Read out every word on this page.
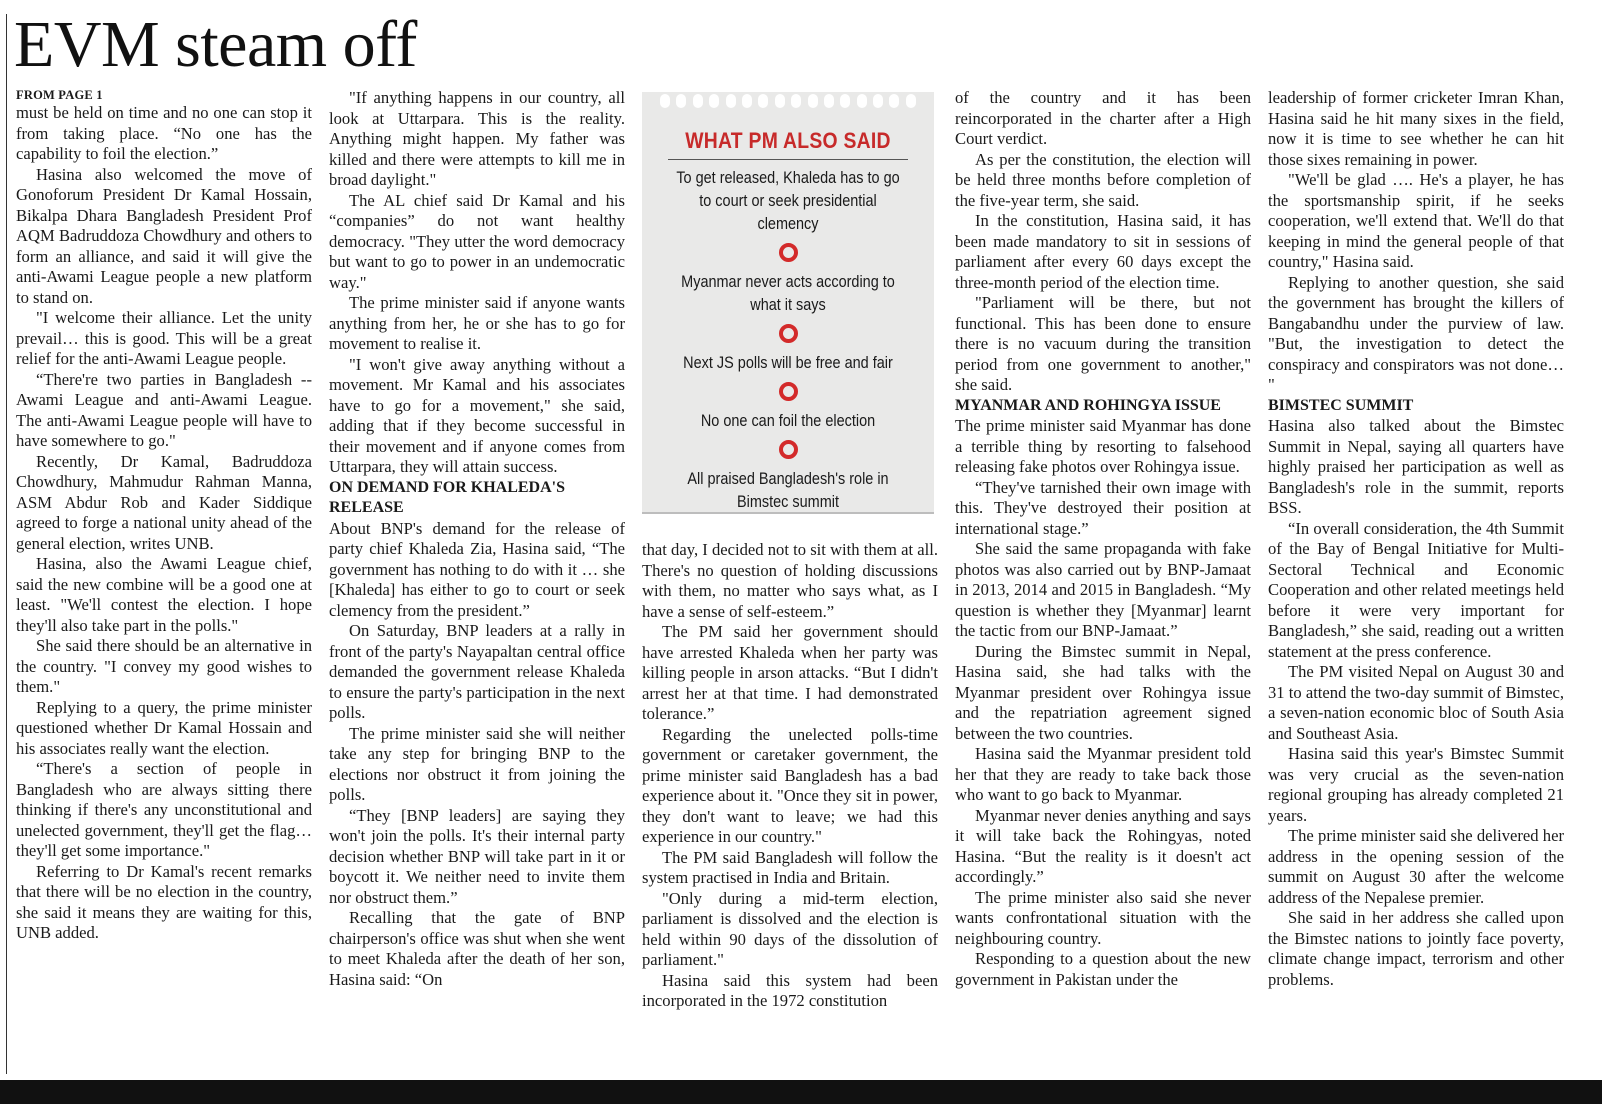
EVM steam off

FROM PAGE 1

must be held on time and no one can stop it from taking place. “No one has the capability to foil the election.”

Hasina also welcomed the move of Gonoforum President Dr Kamal Hossain, Bikalpa Dhara Bangladesh President Prof AQM Badruddoza Chowdhury and others to form an alliance, and said it will give the anti-Awami League people a new platform to stand on.

"I welcome their alliance. Let the unity prevail… this is good. This will be a great relief for the anti-Awami League people.

“There're two parties in Bangladesh -- Awami League and anti-Awami League. The anti-Awami League people will have to have somewhere to go."

Recently, Dr Kamal, Badruddoza Chowdhury, Mahmudur Rahman Manna, ASM Abdur Rob and Kader Siddique agreed to forge a national unity ahead of the general election, writes UNB.

Hasina, also the Awami League chief, said the new combine will be a good one at least. "We'll contest the election. I hope they'll also take part in the polls."

She said there should be an alternative in the country. "I convey my good wishes to them."

Replying to a query, the prime minister questioned whether Dr Kamal Hossain and his associates really want the election.

“There's a section of people in Bangladesh who are always sitting there thinking if there's any unconstitutional and unelected government, they'll get the flag… they'll get some importance."

Referring to Dr Kamal's recent remarks that there will be no election in the country, she said it means they are waiting for this, UNB added.

"If anything happens in our country, all look at Uttarpara. This is the reality. Anything might happen. My father was killed and there were attempts to kill me in broad daylight."

The AL chief said Dr Kamal and his “companies” do not want healthy democracy. "They utter the word democracy but want to go to power in an undemocratic way."

The prime minister said if anyone wants anything from her, he or she has to go for movement to realise it.

"I won't give away anything without a movement. Mr Kamal and his associates have to go for a movement," she said, adding that if they become successful in their movement and if anyone comes from Uttarpara, they will attain success.

ON DEMAND FOR KHALEDA'S RELEASE

About BNP's demand for the release of party chief Khaleda Zia, Hasina said, “The government has nothing to do with it … she [Khaleda] has either to go to court or seek clemency from the president.”

On Saturday, BNP leaders at a rally in front of the party's Nayapaltan central office demanded the government release Khaleda to ensure the party's participation in the next polls.

The prime minister said she will neither take any step for bringing BNP to the elections nor obstruct it from joining the polls.

“They [BNP leaders] are saying they won't join the polls. It's their internal party decision whether BNP will take part in it or boycott it. We neither need to invite them nor obstruct them.”

Recalling that the gate of BNP chairperson's office was shut when she went to meet Khaleda after the death of her son, Hasina said: “On

WHAT PM ALSO SAID
To get released, Khaleda has to go to court or seek presidential clemency
Myanmar never acts according to what it says
Next JS polls will be free and fair
No one can foil the election
All praised Bangladesh's role in Bimstec summit

that day, I decided not to sit with them at all. There's no question of holding discussions with them, no matter who says what, as I have a sense of self-esteem.”

The PM said her government should have arrested Khaleda when her party was killing people in arson attacks. “But I didn't arrest her at that time. I had demonstrated tolerance.”

Regarding the unelected polls-time government or caretaker government, the prime minister said Bangladesh has a bad experience about it. "Once they sit in power, they don't want to leave; we had this experience in our country."

The PM said Bangladesh will follow the system practised in India and Britain.

"Only during a mid-term election, parliament is dissolved and the election is held within 90 days of the dissolution of parliament."

Hasina said this system had been incorporated in the 1972 constitution

of the country and it has been reincorporated in the charter after a High Court verdict.

As per the constitution, the election will be held three months before completion of the five-year term, she said.

In the constitution, Hasina said, it has been made mandatory to sit in sessions of parliament after every 60 days except the three-month period of the election time.

"Parliament will be there, but not functional. This has been done to ensure there is no vacuum during the transition period from one government to another," she said.

MYANMAR AND ROHINGYA ISSUE

The prime minister said Myanmar has done a terrible thing by resorting to falsehood releasing fake photos over Rohingya issue.

“They've tarnished their own image with this. They've destroyed their position at international stage.”

She said the same propaganda with fake photos was also carried out by BNP-Jamaat in 2013, 2014 and 2015 in Bangladesh. “My question is whether they [Myanmar] learnt the tactic from our BNP-Jamaat.”

During the Bimstec summit in Nepal, Hasina said, she had talks with the Myanmar president over Rohingya issue and the repatriation agreement signed between the two countries.

Hasina said the Myanmar president told her that they are ready to take back those who want to go back to Myanmar.

Myanmar never denies anything and says it will take back the Rohingyas, noted Hasina. “But the reality is it doesn't act accordingly.”

The prime minister also said she never wants confrontational situation with the neighbouring country.

Responding to a question about the new government in Pakistan under the

leadership of former cricketer Imran Khan, Hasina said he hit many sixes in the field, now it is time to see whether he can hit those sixes remaining in power.

"We'll be glad …. He's a player, he has the sportsmanship spirit, if he seeks cooperation, we'll extend that. We'll do that keeping in mind the general people of that country," Hasina said.

Replying to another question, she said the government has brought the killers of Bangabandhu under the purview of law. "But, the investigation to detect the conspiracy and conspirators was not done… "

BIMSTEC SUMMIT

Hasina also talked about the Bimstec Summit in Nepal, saying all quarters have highly praised her participation as well as Bangladesh's role in the summit, reports BSS.

“In overall consideration, the 4th Summit of the Bay of Bengal Initiative for Multi-Sectoral Technical and Economic Cooperation and other related meetings held before it were very important for Bangladesh,” she said, reading out a written statement at the press conference.

The PM visited Nepal on August 30 and 31 to attend the two-day summit of Bimstec, a seven-nation economic bloc of South Asia and Southeast Asia.

Hasina said this year's Bimstec Summit was very crucial as the seven-nation regional grouping has already completed 21 years.

The prime minister said she delivered her address in the opening session of the summit on August 30 after the welcome address of the Nepalese premier.

She said in her address she called upon the Bimstec nations to jointly face poverty, climate change impact, terrorism and other problems.
